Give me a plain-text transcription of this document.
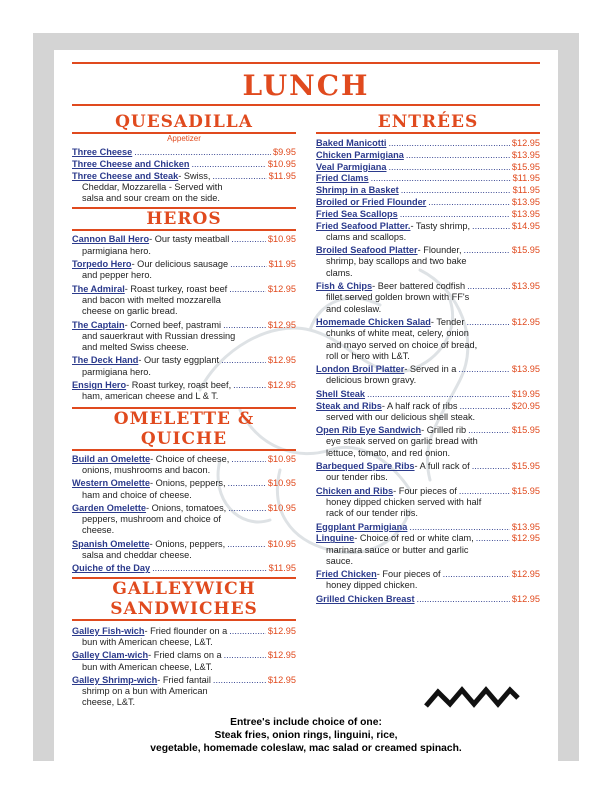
LUNCH
QUESADILLA
Appetizer
Three Cheese .....	$9.95
Three Cheese and Chicken .....	$10.95
Three Cheese and Steak - Swiss, .....	$11.95
Cheddar, Mozzarella - Served with
salsa and sour cream on the side.
HEROS
Cannon Ball Hero - Our tasty meatball .....	$10.95
parmigiana hero.
Torpedo Hero - Our delicious sausage .....	$11.95
and pepper hero.
The Admiral - Roast turkey, roast beef .....	$12.95
and bacon with melted mozzarella
cheese on garlic bread.
The Captain - Corned beef, pastrami .....	$12.95
and sauerkraut with Russian dressing
and melted Swiss cheese.
The Deck Hand - Our tasty eggplant .....	$12.95
parmigiana hero.
Ensign Hero - Roast turkey, roast beef, .....	$12.95
ham, american cheese and L & T.
OMELETTE & QUICHE
Build an Omelette - Choice of cheese, .....	$10.95
onions, mushrooms and bacon.
Western Omelette - Onions, peppers, .....	$10.95
ham and choice of cheese.
Garden Omelette - Onions, tomatoes, .....	$10.95
peppers, mushroom and choice of
cheese.
Spanish Omelette - Onions, peppers, .....	$10.95
salsa and cheddar cheese.
Quiche of the Day .....	$11.95
GALLEYWICH
SANDWICHES
Galley Fish-wich - Fried flounder on a .....	$12.95
bun with American cheese, L&T.
Galley Clam-wich - Fried clams on a .....	$12.95
bun with American cheese, L&T.
Galley Shrimp-wich - Fried fantail .....	$12.95
shrimp on a bun with American
cheese, L&T.
ENTRÉES
Baked Manicotti .....	$12.95
Chicken Parmigiana .....	$13.95
Veal Parmigiana .....	$15.95
Fried Clams .....	$11.95
Shrimp in a Basket .....	$11.95
Broiled or Fried Flounder .....	$13.95
Fried Sea Scallops .....	$13.95
Fried Seafood Platter. - Tasty shrimp, .....	$14.95
clams and scallops.
Broiled Seafood Platter - Flounder, .....	$15.95
shrimp, bay scallops and two bake
clams.
Fish & Chips - Beer battered codfish .....	$13.95
fillet served golden brown with FF's
and coleslaw.
Homemade Chicken Salad - Tender .....	$12.95
chunks of white meat, celery, onion
and mayo served on choice of bread,
roll or hero with L&T.
London Broil Platter - Served in a .....	$13.95
delicious brown gravy.
Shell Steak .....	$19.95
Steak and Ribs - A half rack of ribs .....	$20.95
served with our delicious shell steak.
Open Rib Eye Sandwich - Grilled rib .....	$15.95
eye steak served on garlic bread with
lettuce, tomato, and red onion.
Barbequed Spare Ribs - A full rack of .....	$15.95
our tender ribs.
Chicken and Ribs - Four pieces of .....	$15.95
honey dipped chicken served with half
rack of our tender ribs.
Eggplant Parmigiana .....	$13.95
Linguine - Choice of red or white clam, .....	$12.95
marinara sauce or butter and garlic
sauce.
Fried Chicken - Four pieces of .....	$12.95
honey dipped chicken.
Grilled Chicken Breast .....	$12.95
Entree's include choice of one:
Steak fries, onion rings, linguini, rice,
vegetable, homemade coleslaw, mac salad or creamed spinach.
